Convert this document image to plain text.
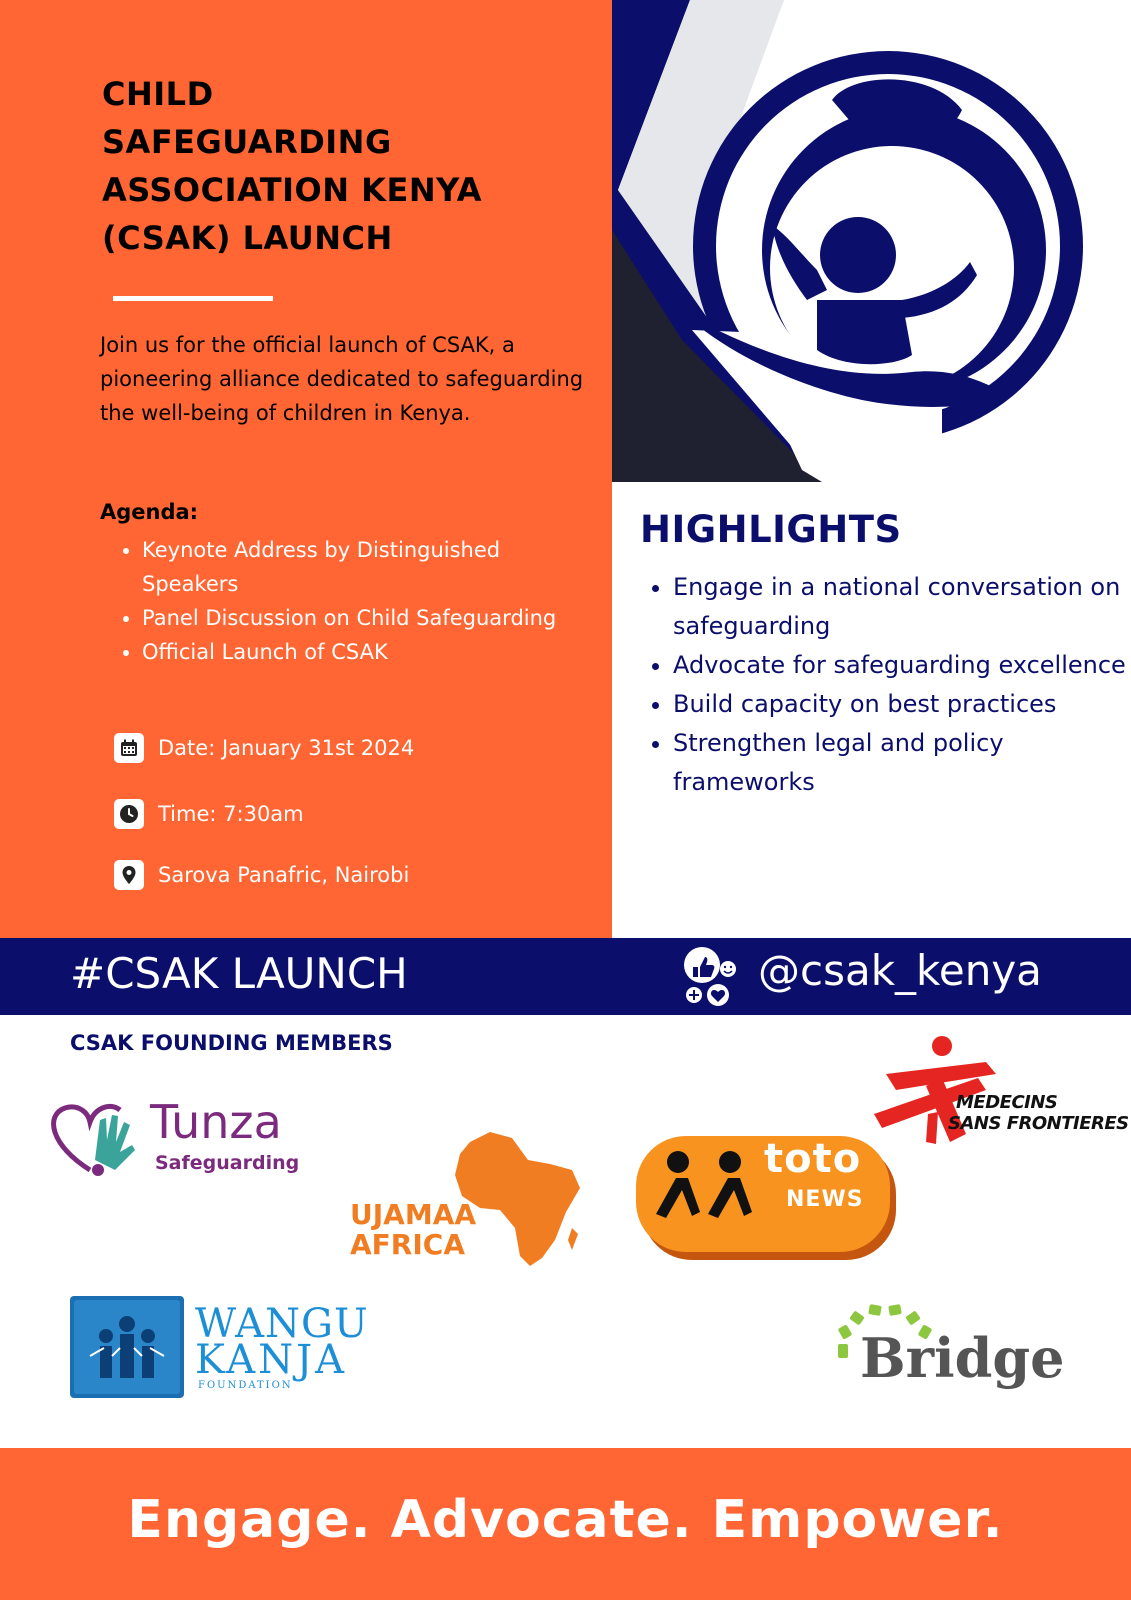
CHILD
SAFEGUARDING
ASSOCIATION KENYA
(CSAK) LAUNCH
Join us for the official launch of CSAK, a pioneering alliance dedicated to safeguarding the well-being of children in Kenya.
Agenda:
• Keynote Address by Distinguished Speakers
• Panel Discussion on Child Safeguarding
• Official Launch of CSAK
Date: January 31st 2024
Time: 7:30am
Sarova Panafric, Nairobi
HIGHLIGHTS
• Engage in a national conversation on safeguarding
• Advocate for safeguarding excellence
• Build capacity on best practices
• Strengthen legal and policy frameworks
#CSAK LAUNCH	@csak_kenya
CSAK FOUNDING MEMBERS
Tunza
Safeguarding
UJAMAA
AFRICA
toto
NEWS
MEDECINS
SANS FRONTIERES
WANGU
KANJA
FOUNDATION	Bridge
Engage. Advocate. Empower.
